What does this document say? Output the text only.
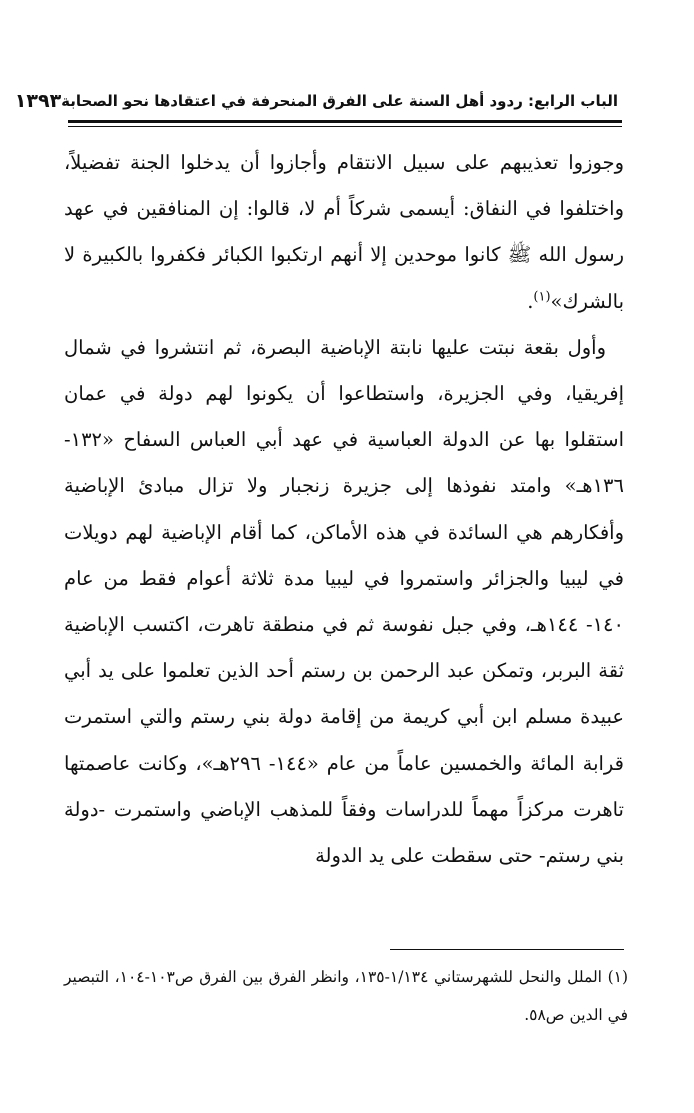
الباب الرابع: ردود أهل السنة على الفرق المنحرفة في اعتقادها نحو الصحابة
١٣٩٣

وجوزوا تعذيبهم على سبيل الانتقام وأجازوا أن يدخلوا الجنة تفضيلاً، واختلفوا في النفاق: أيسمى شركاً أم لا، قالوا: إن المنافقين في عهد رسول الله ﷺ كانوا موحدين إلا أنهم ارتكبوا الكبائر فكفروا بالكبيرة لا بالشرك»$^{(١)}$.

وأول بقعة نبتت عليها نابتة الإباضية البصرة، ثم انتشروا في شمال إفريقيا، وفي الجزيرة، واستطاعوا أن يكونوا لهم دولة في عمان استقلوا بها عن الدولة العباسية في عهد أبي العباس السفاح «١٣٢- ١٣٦هـ» وامتد نفوذها إلى جزيرة زنجبار ولا تزال مبادئ الإباضية وأفكارهم هي السائدة في هذه الأماكن، كما أقام الإباضية لهم دويلات في ليبيا والجزائر واستمروا في ليبيا مدة ثلاثة أعوام فقط من عام ١٤٠- ١٤٤هـ، وفي جبل نفوسة ثم في منطقة تاهرت، اكتسب الإباضية ثقة البربر، وتمكن عبد الرحمن بن رستم أحد الذين تعلموا على يد أبي عبيدة مسلم ابن أبي كريمة من إقامة دولة بني رستم والتي استمرت قرابة المائة والخمسين عاماً من عام «١٤٤- ٢٩٦هـ»، وكانت عاصمتها تاهرت مركزاً مهماً للدراسات وفقاً للمذهب الإباضي واستمرت -دولة بني رستم- حتى سقطت على يد الدولة

(١) الملل والنحل للشهرستاني ١/١٣٤-١٣٥، وانظر الفرق بين الفرق ص١٠٣-١٠٤، التبصير في الدين ص٥٨.
